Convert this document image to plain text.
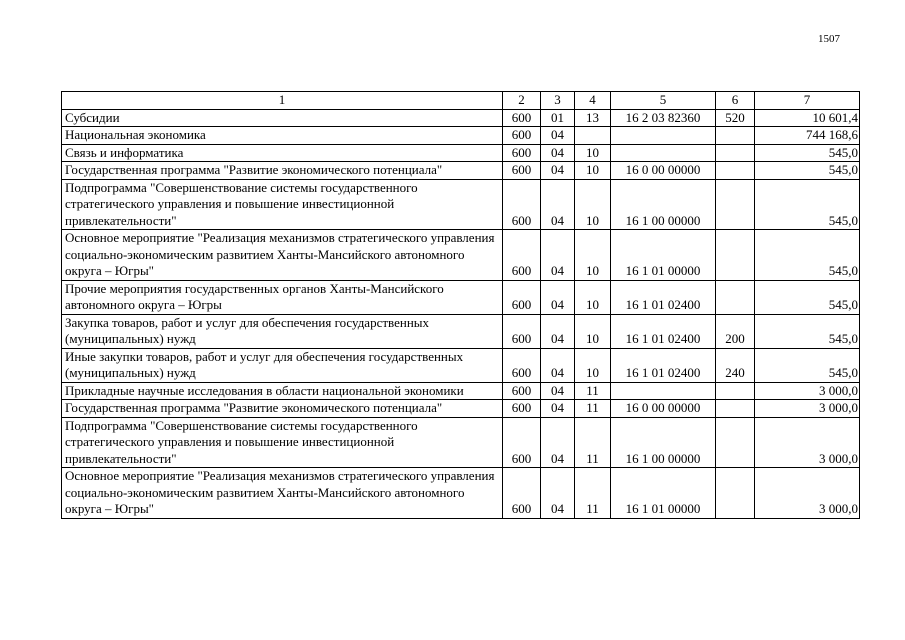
1507
1	2	3	4	5	6	7
Субсидии	600	01	13	16 2 03 82360	520	10 601,4
Национальная экономика	600	04				744 168,6
Связь и информатика	600	04	10			545,0
Государственная программа "Развитие экономического потенциала"	600	04	10	16 0 00 00000		545,0
Подпрограмма "Совершенствование системы государственного стратегического управления и повышение инвестиционной привлекательности"	600	04	10	16 1 00 00000		545,0
Основное мероприятие "Реализация механизмов стратегического управления социально-экономическим развитием Ханты-Мансийского автономного округа – Югры"	600	04	10	16 1 01 00000		545,0
Прочие мероприятия государственных органов Ханты-Мансийского автономного округа – Югры	600	04	10	16 1 01 02400		545,0
Закупка товаров, работ и услуг для обеспечения государственных (муниципальных) нужд	600	04	10	16 1 01 02400	200	545,0
Иные закупки товаров, работ и услуг для обеспечения государственных (муниципальных) нужд	600	04	10	16 1 01 02400	240	545,0
Прикладные научные исследования в области национальной экономики	600	04	11			3 000,0
Государственная программа "Развитие экономического потенциала"	600	04	11	16 0 00 00000		3 000,0
Подпрограмма "Совершенствование системы государственного стратегического управления и повышение инвестиционной привлекательности"	600	04	11	16 1 00 00000		3 000,0
Основное мероприятие "Реализация механизмов стратегического управления социально-экономическим развитием Ханты-Мансийского автономного округа – Югры"	600	04	11	16 1 01 00000		3 000,0
